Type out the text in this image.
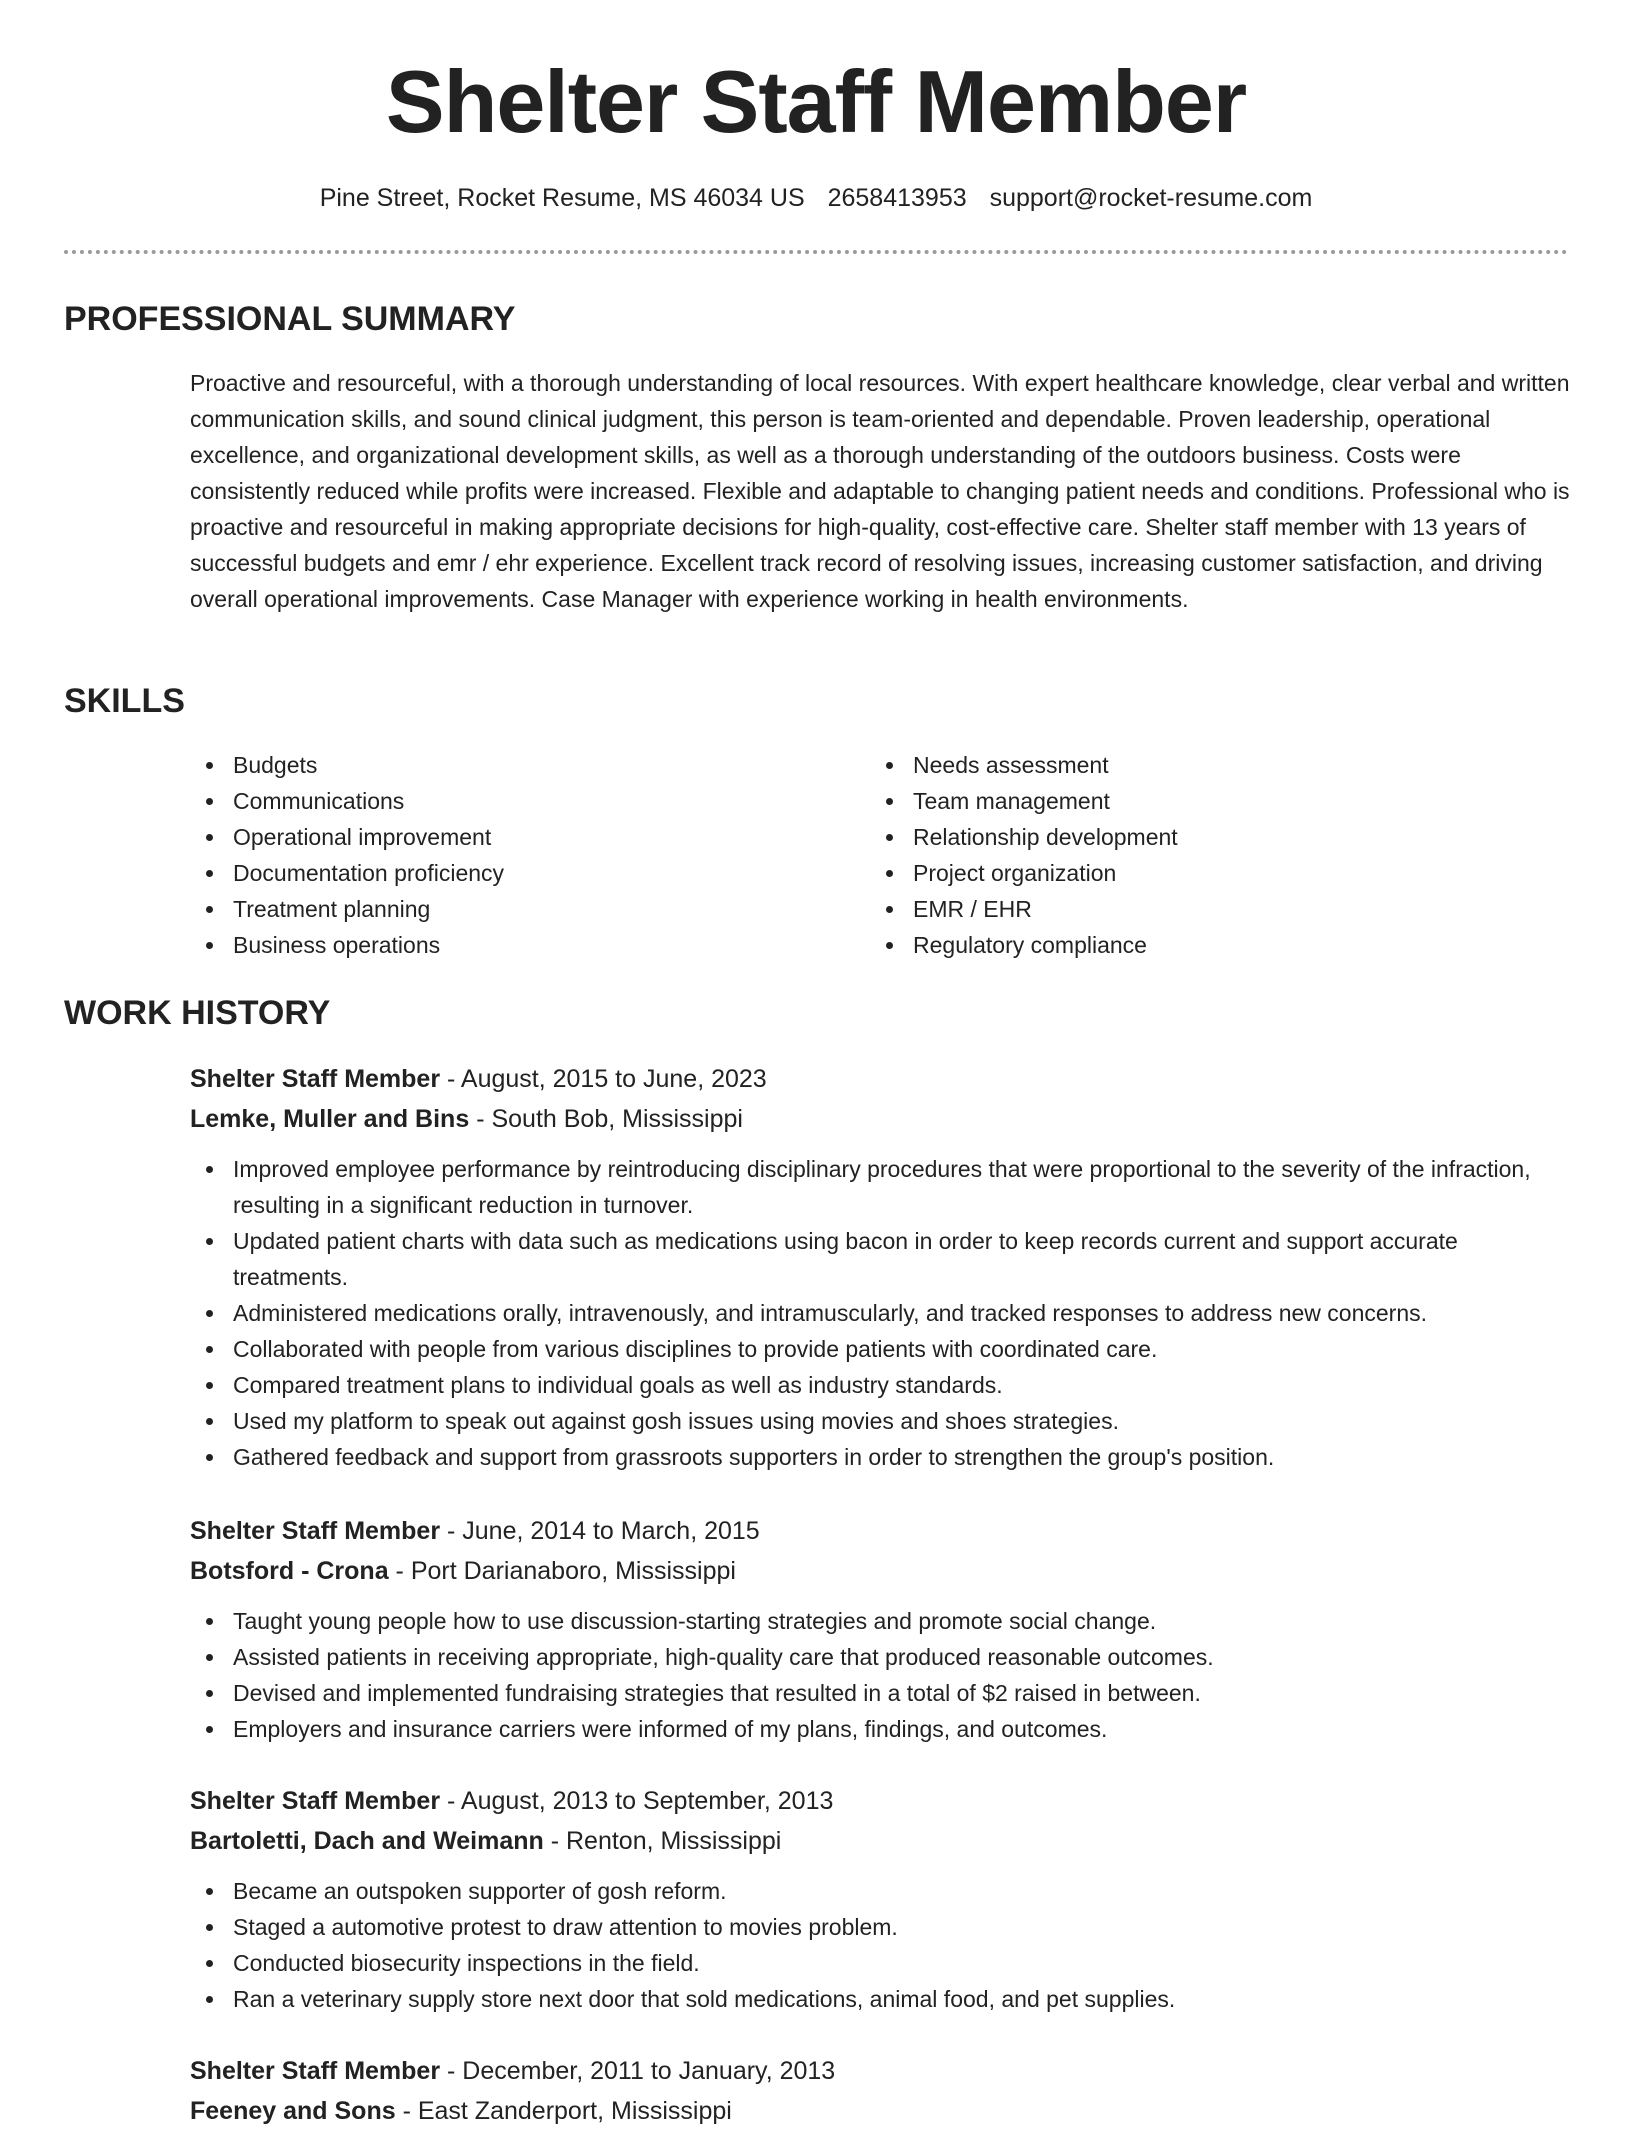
Shelter Staff Member
Pine Street, Rocket Resume, MS 46034 US 2658413953 support@rocket-resume.com
PROFESSIONAL SUMMARY

Proactive and resourceful, with a thorough understanding of local resources. With expert healthcare knowledge, clear verbal and written communication skills, and sound clinical judgment, this person is team-oriented and dependable. Proven leadership, operational excellence, and organizational development skills, as well as a thorough understanding of the outdoors business. Costs were consistently reduced while profits were increased. Flexible and adaptable to changing patient needs and conditions. Professional who is proactive and resourceful in making appropriate decisions for high-quality, cost-effective care. Shelter staff member with 13 years of successful budgets and emr / ehr experience. Excellent track record of resolving issues, increasing customer satisfaction, and driving overall operational improvements. Case Manager with experience working in health environments.

SKILLS
Budgets
Communications
Operational improvement
Documentation proficiency
Treatment planning
Business operations
Needs assessment
Team management
Relationship development
Project organization
EMR / EHR
Regulatory compliance
WORK HISTORY

Shelter Staff Member - August, 2015 to June, 2023

Lemke, Muller and Bins - South Bob, Mississippi

Improved employee performance by reintroducing disciplinary procedures that were proportional to the severity of the infraction, resulting in a significant reduction in turnover.
Updated patient charts with data such as medications using bacon in order to keep records current and support accurate treatments.
Administered medications orally, intravenously, and intramuscularly, and tracked responses to address new concerns.
Collaborated with people from various disciplines to provide patients with coordinated care.
Compared treatment plans to individual goals as well as industry standards.
Used my platform to speak out against gosh issues using movies and shoes strategies.
Gathered feedback and support from grassroots supporters in order to strengthen the group's position.

Shelter Staff Member - June, 2014 to March, 2015

Botsford - Crona - Port Darianaboro, Mississippi

Taught young people how to use discussion-starting strategies and promote social change.
Assisted patients in receiving appropriate, high-quality care that produced reasonable outcomes.
Devised and implemented fundraising strategies that resulted in a total of $2 raised in between.
Employers and insurance carriers were informed of my plans, findings, and outcomes.

Shelter Staff Member - August, 2013 to September, 2013

Bartoletti, Dach and Weimann - Renton, Mississippi

Became an outspoken supporter of gosh reform.
Staged a automotive protest to draw attention to movies problem.
Conducted biosecurity inspections in the field.
Ran a veterinary supply store next door that sold medications, animal food, and pet supplies.

Shelter Staff Member - December, 2011 to January, 2013

Feeney and Sons - East Zanderport, Mississippi
